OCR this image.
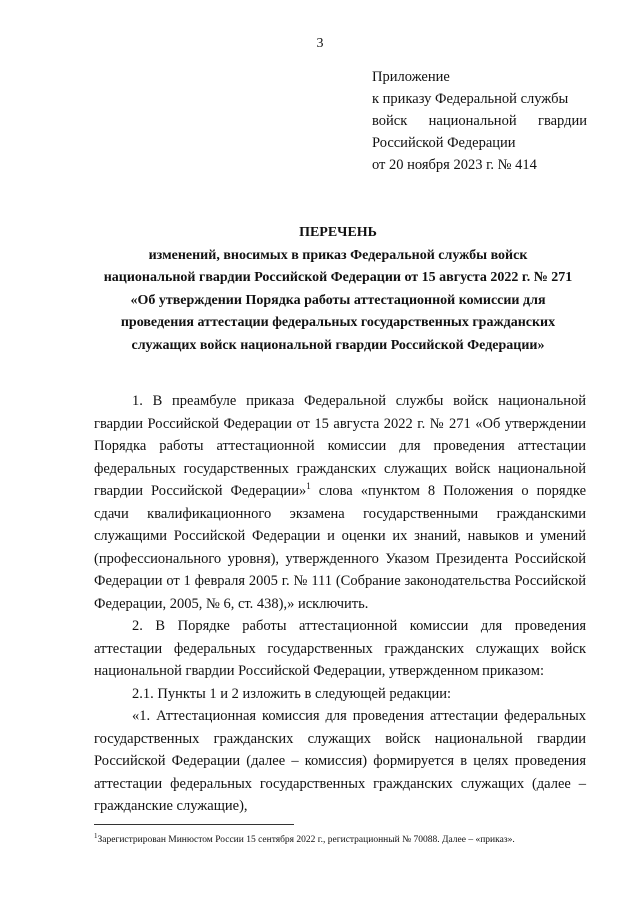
3
Приложение
к приказу Федеральной службы
войск национальной гвардии
Российской Федерации
от 20 ноября 2023 г. № 414
ПЕРЕЧЕНЬ
изменений, вносимых в приказ Федеральной службы войск
национальной гвардии Российской Федерации от 15 августа 2022 г. № 271
«Об утверждении Порядка работы аттестационной комиссии для
проведения аттестации федеральных государственных гражданских
служащих войск национальной гвардии Российской Федерации»

1. В преамбуле приказа Федеральной службы войск национальной гвардии Российской Федерации от 15 августа 2022 г. № 271 «Об утверждении Порядка работы аттестационной комиссии для проведения аттестации федеральных государственных гражданских служащих войск национальной гвардии Российской Федерации»$^1$ слова «пунктом 8 Положения о порядке сдачи квалификационного экзамена государственными гражданскими служащими Российской Федерации и оценки их знаний, навыков и умений (профессионального уровня), утвержденного Указом Президента Российской Федерации от 1 февраля 2005 г. № 111 (Собрание законодательства Российской Федерации, 2005, № 6, ст. 438),» исключить.

2. В Порядке работы аттестационной комиссии для проведения аттестации федеральных государственных гражданских служащих войск национальной гвардии Российской Федерации, утвержденном приказом:

2.1. Пункты 1 и 2 изложить в следующей редакции:

«1. Аттестационная комиссия для проведения аттестации федеральных государственных гражданских служащих войск национальной гвардии Российской Федерации (далее – комиссия) формируется в целях проведения аттестации федеральных государственных гражданских служащих (далее – гражданские служащие),

$^1$Зарегистрирован Минюстом России 15 сентября 2022 г., регистрационный № 70088. Далее – «приказ».
